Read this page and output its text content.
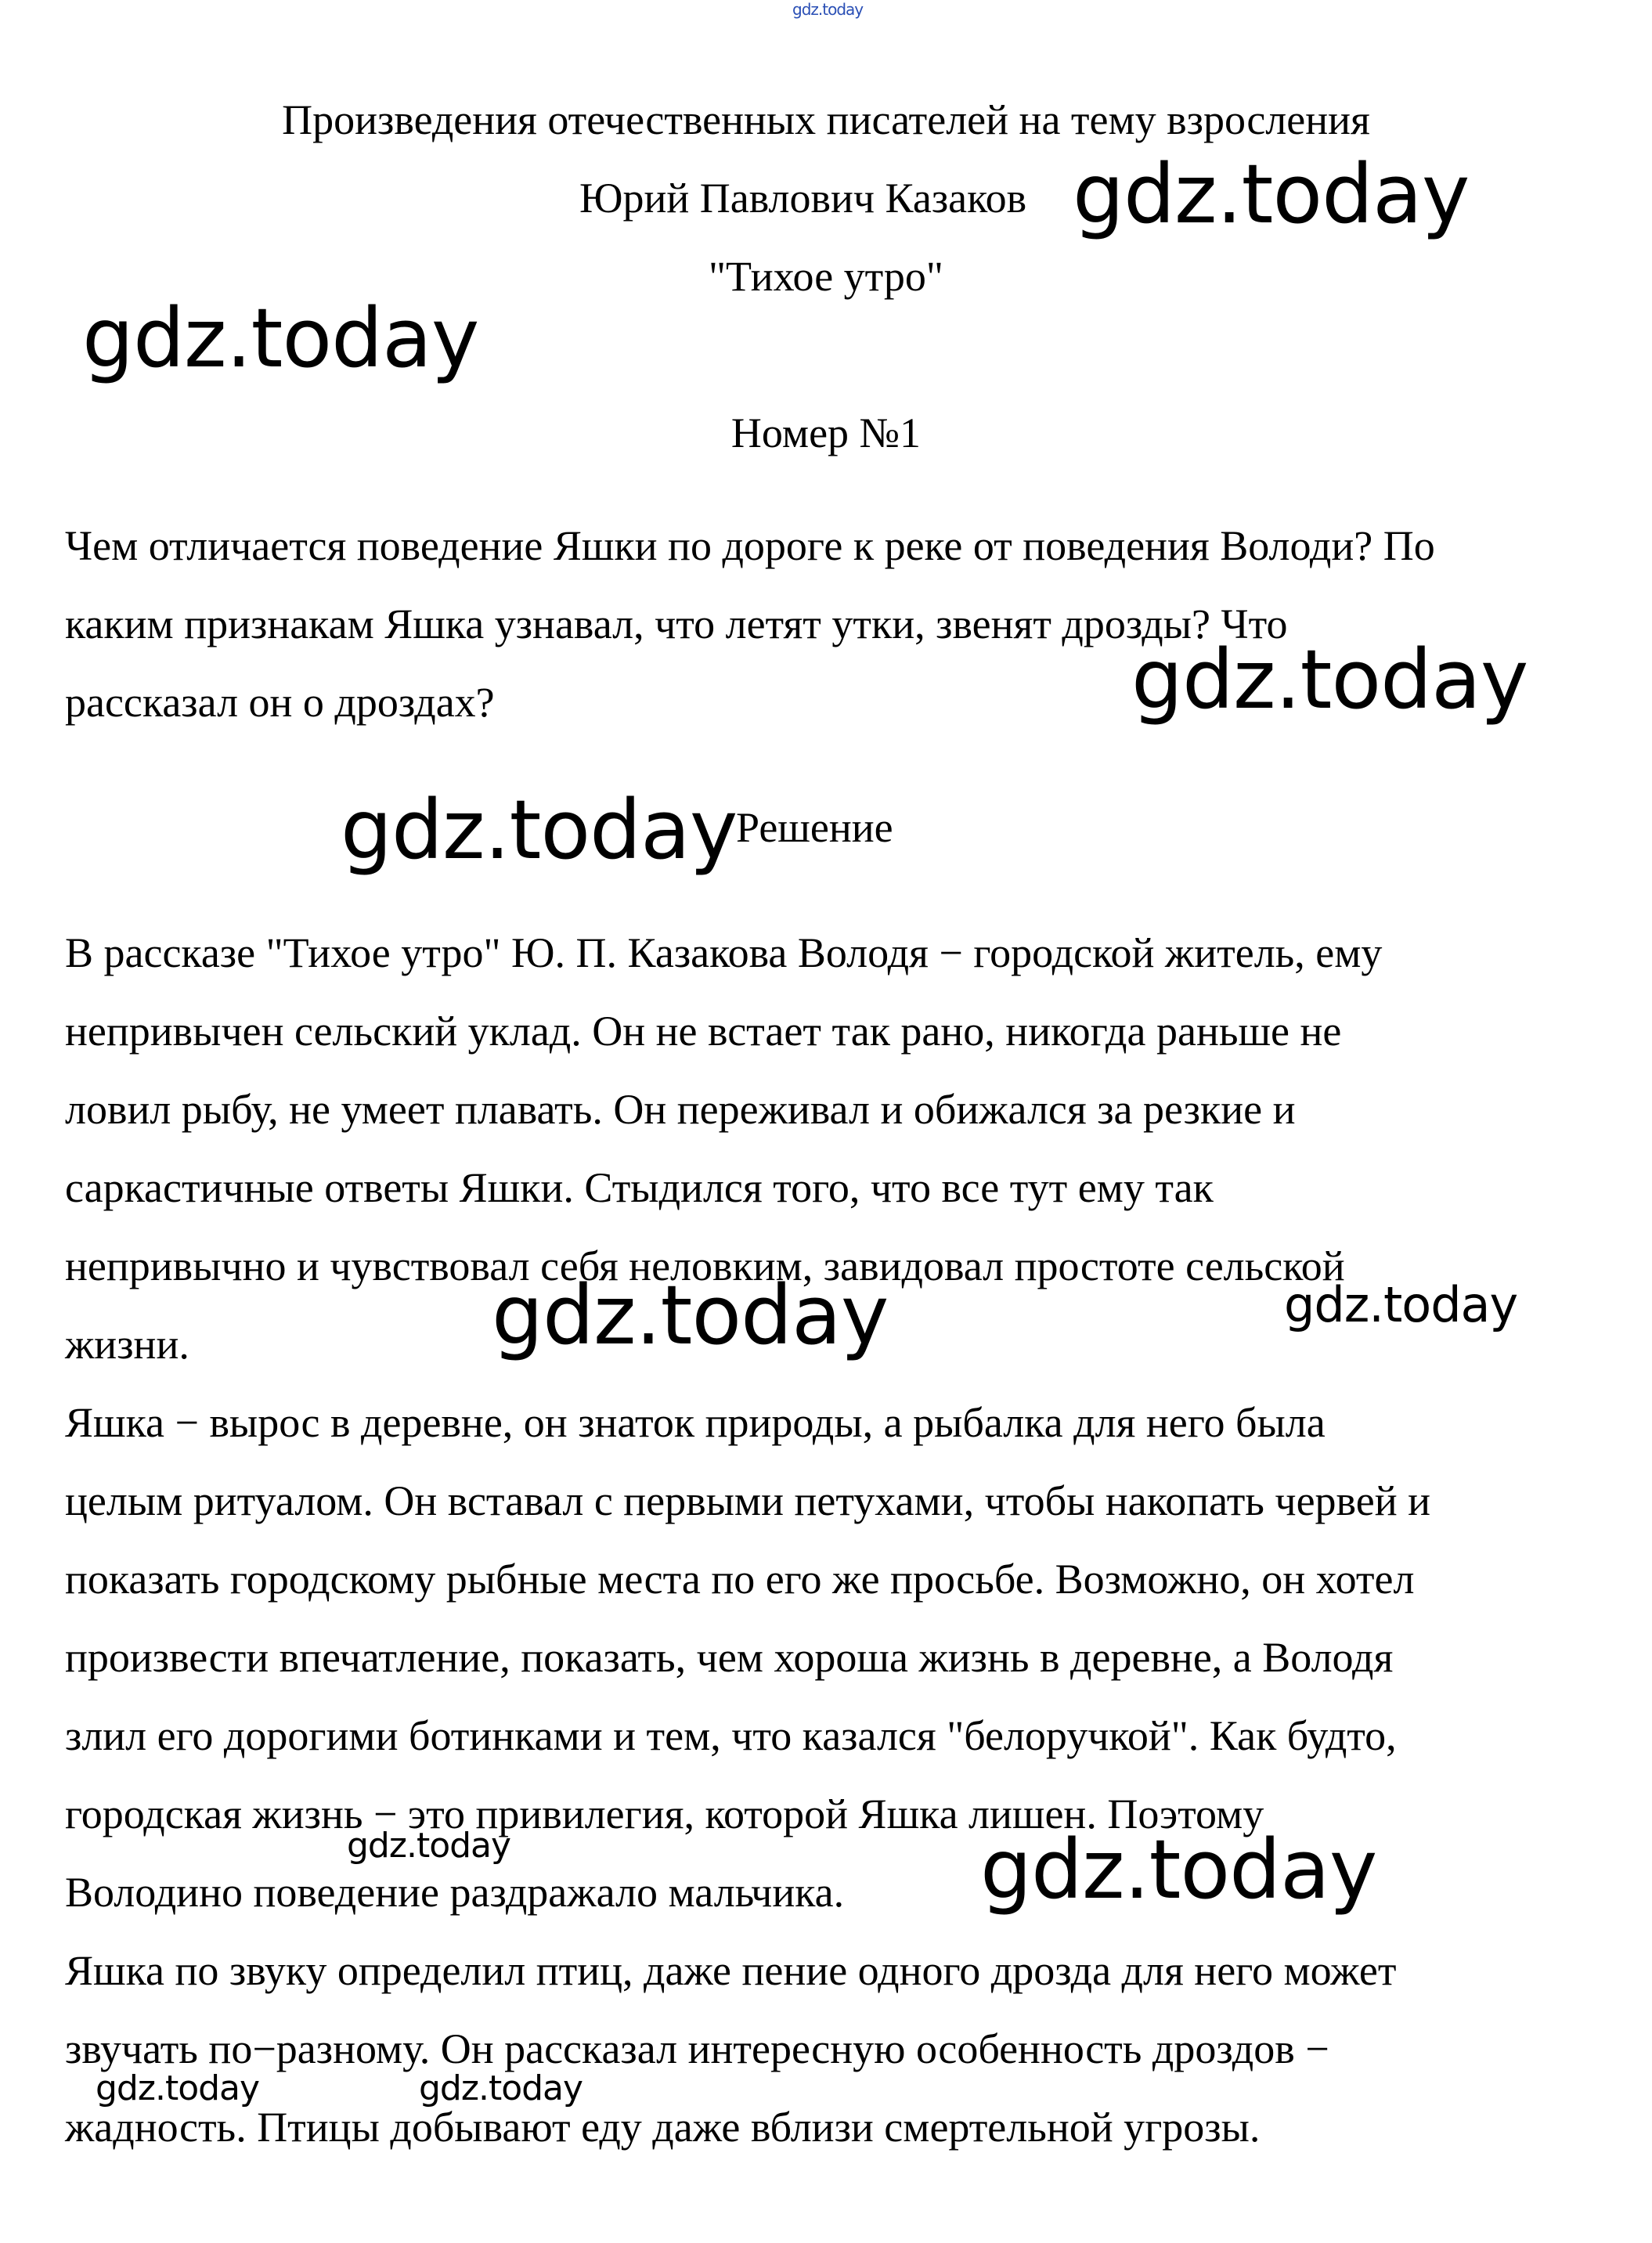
gdz.today
Произведения отечественных писателей на тему взросления
Юрий Павлович Казаков
"Тихое утро"
Номер №1
Чем отличается поведение Яшки по дороге к реке от поведения Володи? По
каким признакам Яшка узнавал, что летят утки, звенят дрозды? Что
рассказал он о дроздах?
Решение
В рассказе "Тихое утро" Ю. П. Казакова Володя − городской житель, ему
непривычен сельский уклад. Он не встает так рано, никогда раньше не
ловил рыбу, не умеет плавать. Он переживал и обижался за резкие и
саркастичные ответы Яшки. Стыдился того, что все тут ему так
непривычно и чувствовал себя неловким, завидовал простоте сельской
жизни.
Яшка − вырос в деревне, он знаток природы, а рыбалка для него была
целым ритуалом. Он вставал с первыми петухами, чтобы накопать червей и
показать городскому рыбные места по его же просьбе. Возможно, он хотел
произвести впечатление, показать, чем хороша жизнь в деревне, а Володя
злил его дорогими ботинками и тем, что казался "белоручкой". Как будто,
городская жизнь − это привилегия, которой Яшка лишен. Поэтому
Володино поведение раздражало мальчика.
Яшка по звуку определил птиц, даже пение одного дрозда для него может
звучать по−разному. Он рассказал интересную особенность дроздов −
жадность. Птицы добывают еду даже вблизи смертельной угрозы.
gdz.today
gdz.today
gdz.today
gdz.today
gdz.today	gdz.today
gdz.today	gdz.today
gdz.today	gdz.today
